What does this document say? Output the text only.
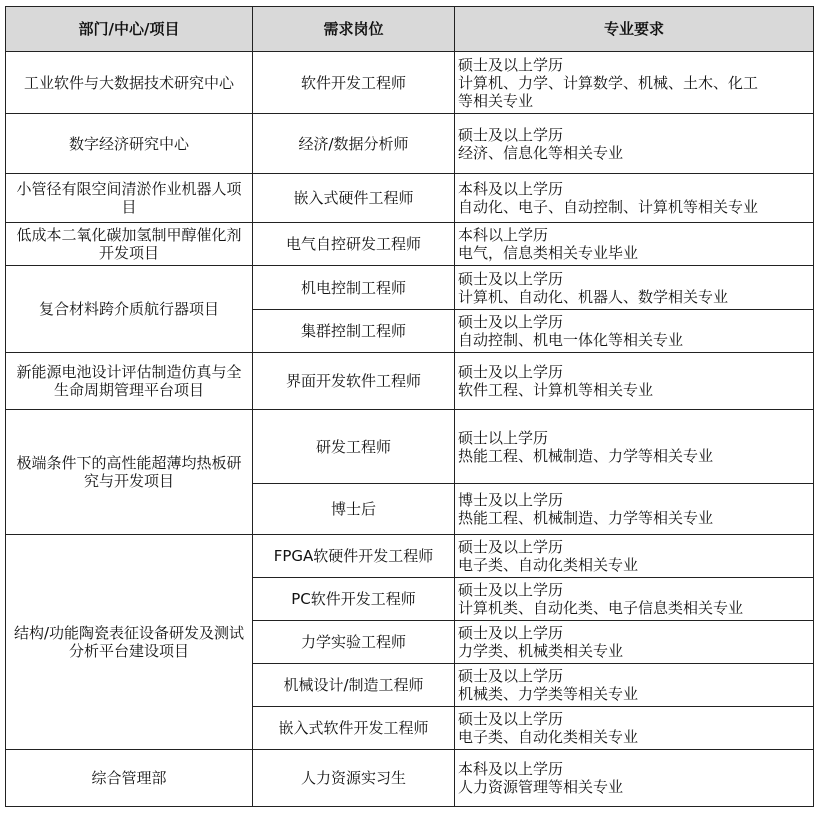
部门/中心/项目	需求岗位	专业要求
工业软件与大数据技术研究中心	软件开发工程师	硕士及以上学历
计算机、力学、计算数学、机械、土木、化工
等相关专业

数字经济研究中心	经济/数据分析师	硕士及以上学历
经济、信息化等相关专业

小管径有限空间清淤作业机器人项目	嵌入式硬件工程师	本科及以上学历
自动化、电子、自动控制、计算机等相关专业

低成本二氧化碳加氢制甲醇催化剂开发项目	电气自控研发工程师	本科以上学历
电气，信息类相关专业毕业

复合材料跨介质航行器项目	机电控制工程师	硕士及以上学历
计算机、自动化、机器人、数学相关专业

	集群控制工程师	硕士及以上学历
自动控制、机电一体化等相关专业

新能源电池设计评估制造仿真与全生命周期管理平台项目	界面开发软件工程师	硕士及以上学历
软件工程、计算机等相关专业

极端条件下的高性能超薄均热板研究与开发项目	研发工程师	硕士以上学历
热能工程、机械制造、力学等相关专业

	博士后	博士及以上学历
热能工程、机械制造、力学等相关专业

结构/功能陶瓷表征设备研发及测试分析平台建设项目	FPGA软硬件开发工程师	硕士及以上学历
电子类、自动化类相关专业

	PC软件开发工程师	硕士及以上学历
计算机类、自动化类、电子信息类相关专业

	力学实验工程师	硕士及以上学历
力学类、机械类相关专业

	机械设计/制造工程师	硕士及以上学历
机械类、力学类等相关专业

	嵌入式软件开发工程师	硕士及以上学历
电子类、自动化类相关专业

综合管理部	人力资源实习生	本科及以上学历
人力资源管理等相关专业
